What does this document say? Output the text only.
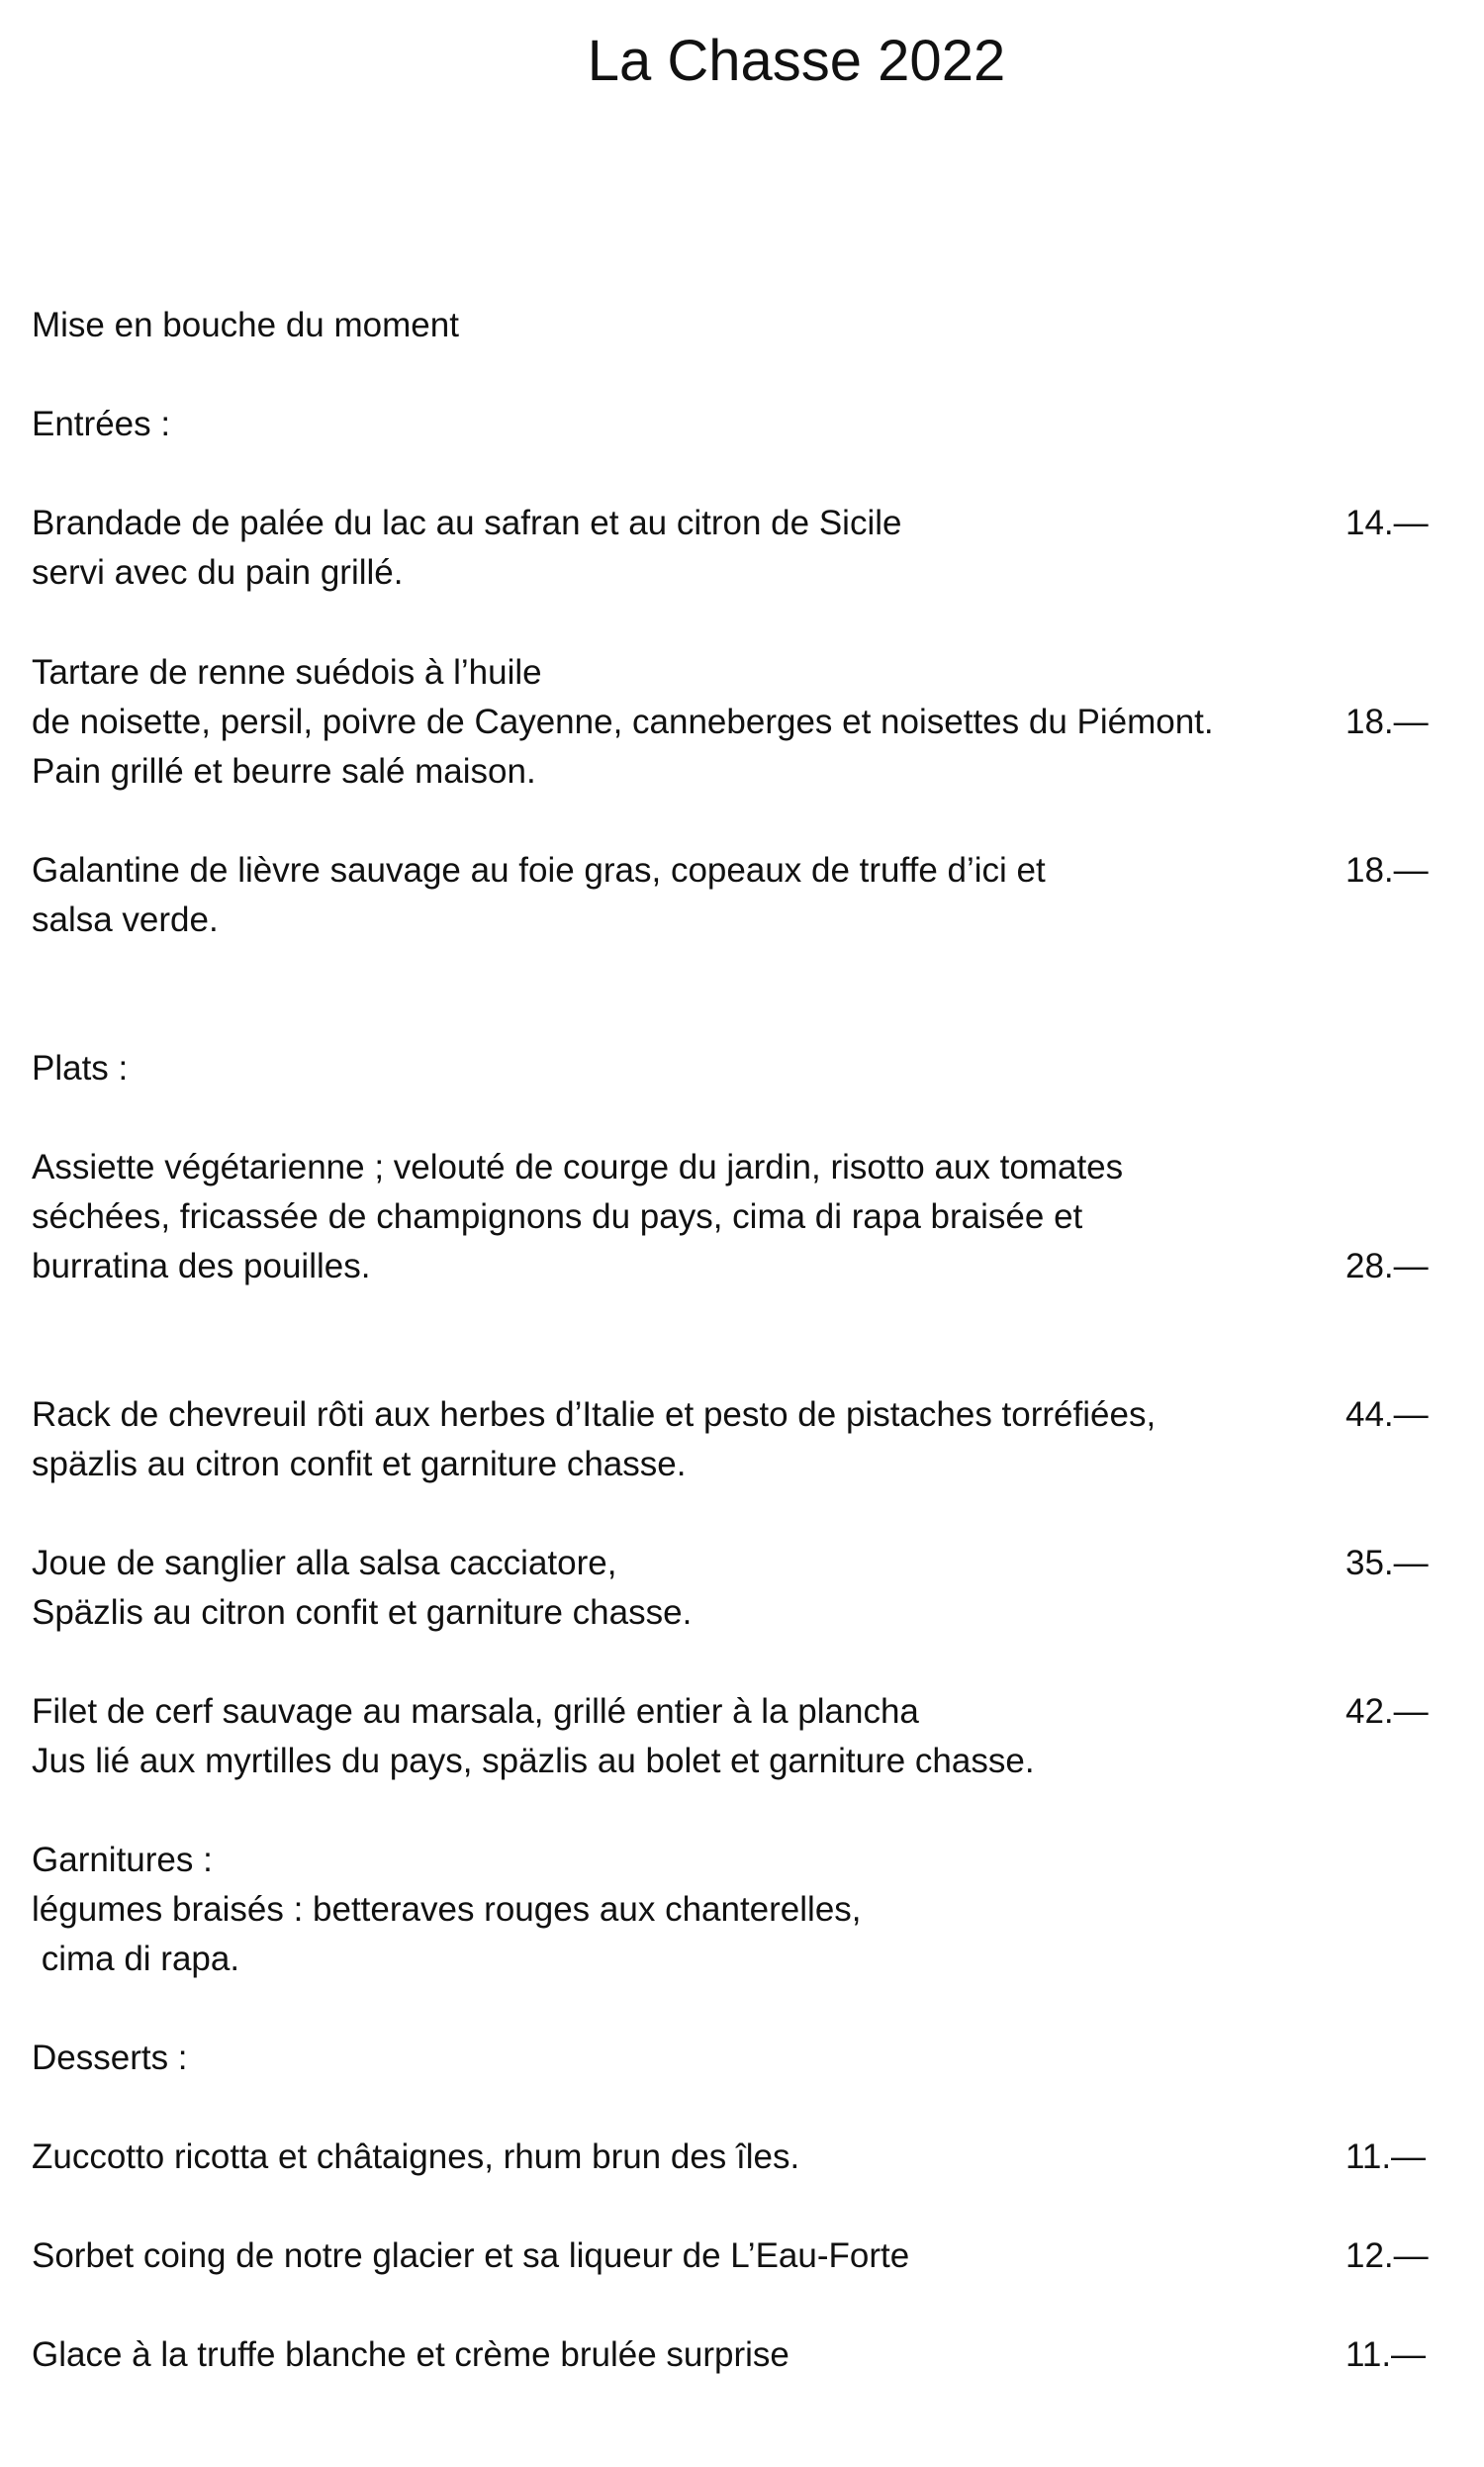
La Chasse 2022

Mise en bouche du moment

Entrées :

Brandade de palée du lac au safran et au citron de Sicile	14.—

servi avec du pain grillé.

Tartare de renne suédois à l’huile

de noisette, persil, poivre de Cayenne, canneberges et noisettes du Piémont.	18.—

Pain grillé et beurre salé maison.

Galantine de lièvre sauvage au foie gras, copeaux de truffe d’ici et	18.—

salsa verde.

Plats :

Assiette végétarienne ; velouté de courge du jardin, risotto aux tomates

séchées, fricassée de champignons du pays, cima di rapa braisée et

burratina des pouilles.	28.—

Rack de chevreuil rôti aux herbes d’Italie et pesto de pistaches torréfiées,	44.—

späzlis au citron confit et garniture chasse.

Joue de sanglier alla salsa cacciatore,	35.—

Späzlis au citron confit et garniture chasse.

Filet de cerf sauvage au marsala, grillé entier à la plancha	42.—

Jus lié aux myrtilles du pays, späzlis au bolet et garniture chasse.

Garnitures :

légumes braisés : betteraves rouges aux chanterelles,

cima di rapa.

Desserts :

Zuccotto ricotta et châtaignes, rhum brun des îles.	11.—

Sorbet coing de notre glacier et sa liqueur de L’Eau-Forte	12.—

Glace à la truffe blanche et crème brulée surprise	11.—
